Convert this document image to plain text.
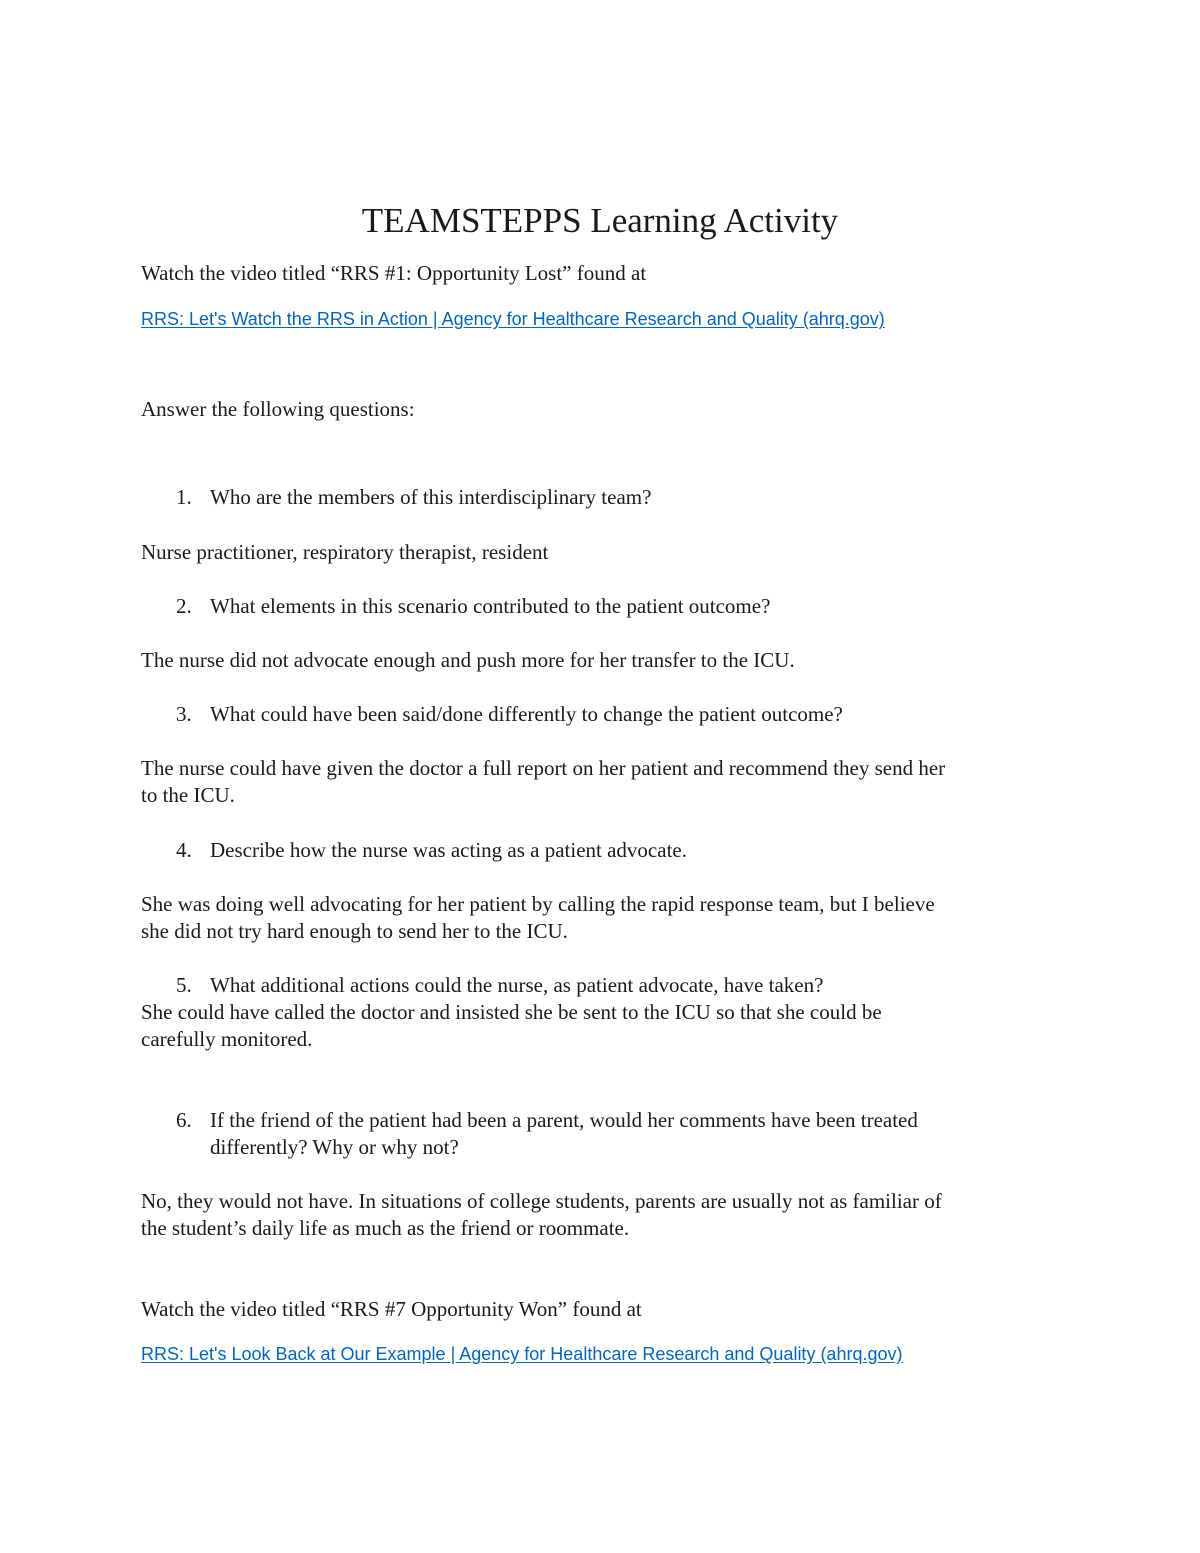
TEAMSTEPPS Learning Activity

Watch the video titled “RRS #1: Opportunity Lost” found at

RRS: Let's Watch the RRS in Action | Agency for Healthcare Research and Quality (ahrq.gov)

Answer the following questions:

1. Who are the members of this interdisciplinary team?

Nurse practitioner, respiratory therapist, resident

2. What elements in this scenario contributed to the patient outcome?

The nurse did not advocate enough and push more for her transfer to the ICU.

3. What could have been said/done differently to change the patient outcome?

The nurse could have given the doctor a full report on her patient and recommend they send her

to the ICU.

4. Describe how the nurse was acting as a patient advocate.

She was doing well advocating for her patient by calling the rapid response team, but I believe

she did not try hard enough to send her to the ICU.

5. What additional actions could the nurse, as patient advocate, have taken?

She could have called the doctor and insisted she be sent to the ICU so that she could be

carefully monitored.

6. If the friend of the patient had been a parent, would her comments have been treated

differently? Why or why not?

No, they would not have. In situations of college students, parents are usually not as familiar of

the student’s daily life as much as the friend or roommate.

Watch the video titled “RRS #7 Opportunity Won” found at

RRS: Let's Look Back at Our Example | Agency for Healthcare Research and Quality (ahrq.gov)
